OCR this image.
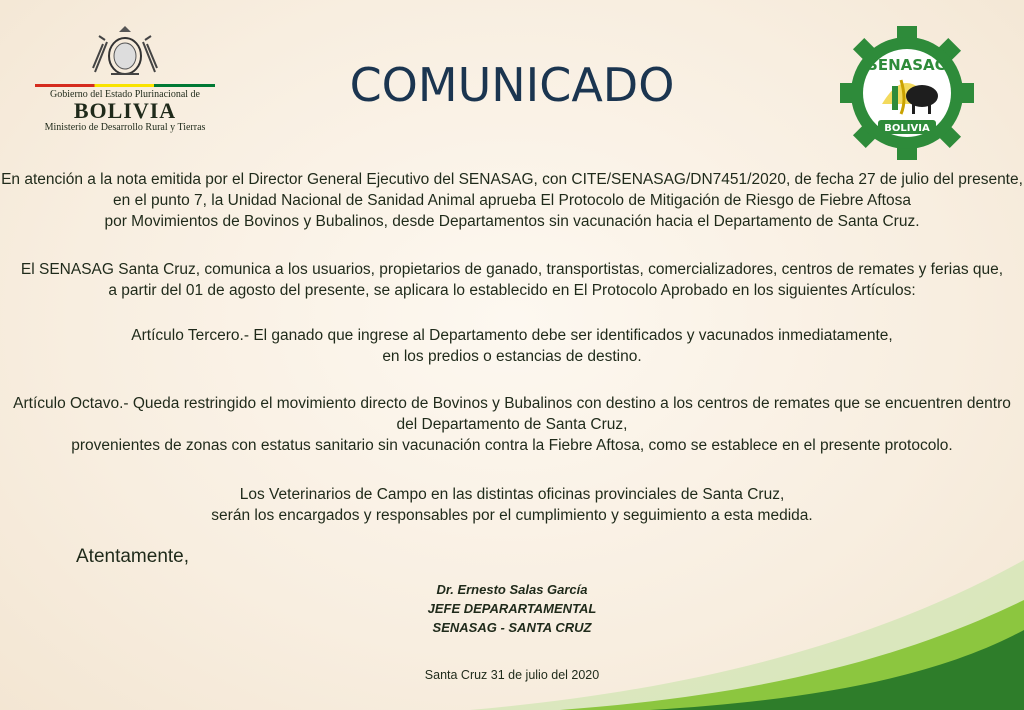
Gobierno del Estado Plurinacional de
BOLIVIA
Ministerio de Desarrollo Rural y Tierras
COMUNICADO	SENASAG
BOLIVIA
En atención a la nota emitida por el Director General Ejecutivo del SENASAG, con CITE/SENASAG/DN7451/2020, de fecha 27 de julio del presente,
en el punto 7, la Unidad Nacional de Sanidad Animal aprueba El Protocolo de Mitigación de Riesgo de Fiebre Aftosa
por Movimientos de Bovinos y Bubalinos, desde Departamentos sin vacunación hacia el Departamento de Santa Cruz.
El SENASAG Santa Cruz, comunica a los usuarios, propietarios de ganado, transportistas, comercializadores, centros de remates y ferias que,
a partir del 01 de agosto del presente, se aplicara lo establecido en El Protocolo Aprobado en los siguientes Artículos:
Artículo Tercero.- El ganado que ingrese al Departamento debe ser identificados y vacunados inmediatamente,
en los predios o estancias de destino.
Artículo Octavo.- Queda restringido el movimiento directo de Bovinos y Bubalinos con destino a los centros de remates que se encuentren dentro
del Departamento de Santa Cruz,
provenientes de zonas con estatus sanitario sin vacunación contra la Fiebre Aftosa, como se establece en el presente protocolo.
Los Veterinarios de Campo en las distintas oficinas provinciales de Santa Cruz,
serán los encargados y responsables por el cumplimiento y seguimiento a esta medida.
Atentamente,
Dr. Ernesto Salas García
JEFE DEPARARTAMENTAL
SENASAG - SANTA CRUZ
Santa Cruz 31 de julio del 2020
